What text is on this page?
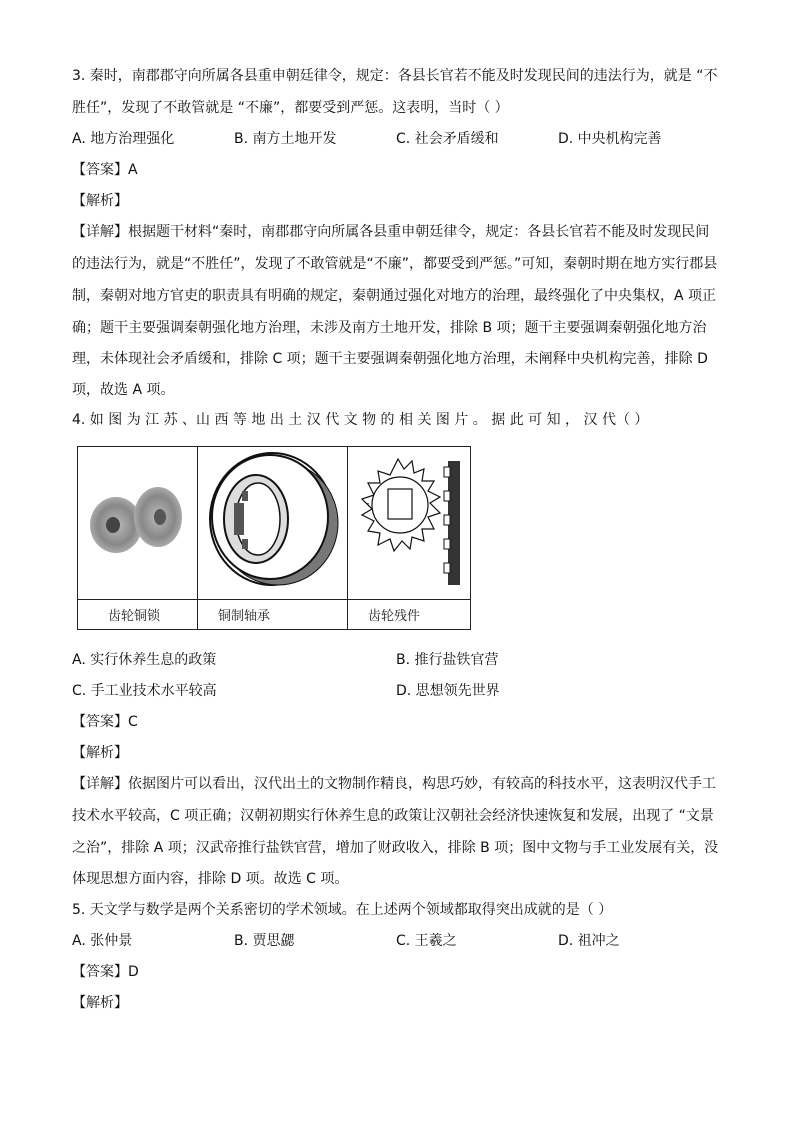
3. 秦时，南郡郡守向所属各县重申朝廷律令，规定：各县长官若不能及时发现民间的违法行为，就是 “不
胜任”，发现了不敢管就是 “不廉”，都要受到严惩。这表明，当时（ ）
A. 地方治理强化	B. 南方土地开发	C. 社会矛盾缓和	D. 中央机构完善
【答案】A
【解析】
【详解】根据题干材料“秦时，南郡郡守向所属各县重申朝廷律令，规定：各县长官若不能及时发现民间
的违法行为，就是“不胜任”，发现了不敢管就是“不廉”，都要受到严惩。”可知，秦朝时期在地方实行郡县
制，秦朝对地方官吏的职责具有明确的规定，秦朝通过强化对地方的治理，最终强化了中央集权，A 项正
确；题干主要强调秦朝强化地方治理，未涉及南方土地开发，排除 B 项；题干主要强调秦朝强化地方治
理，未体现社会矛盾缓和，排除 C 项；题干主要强调秦朝强化地方治理，未阐释中央机构完善，排除 D
项，故选 A 项。
4. 如 图 为 江 苏 、山 西 等 地 出 土 汉 代 文 物 的 相 关 图 片 。 据 此 可 知 ， 汉 代（ ）
齿轮铜锁	铜制轴承	齿轮残件
A. 实行休养生息的政策	B. 推行盐铁官营
C. 手工业技术水平较高	D. 思想领先世界
【答案】C
【解析】
【详解】依据图片可以看出，汉代出土的文物制作精良，构思巧妙，有较高的科技水平，这表明汉代手工
技术水平较高，C 项正确；汉朝初期实行休养生息的政策让汉朝社会经济快速恢复和发展，出现了 “文景
之治”，排除 A 项；汉武帝推行盐铁官营，增加了财政收入，排除 B 项；图中文物与手工业发展有关，没
体现思想方面内容，排除 D 项。故选 C 项。
5. 天文学与数学是两个关系密切的学术领域。在上述两个领域都取得突出成就的是（ ）
A. 张仲景	B. 贾思勰	C. 王羲之	D. 祖冲之
【答案】D
【解析】
